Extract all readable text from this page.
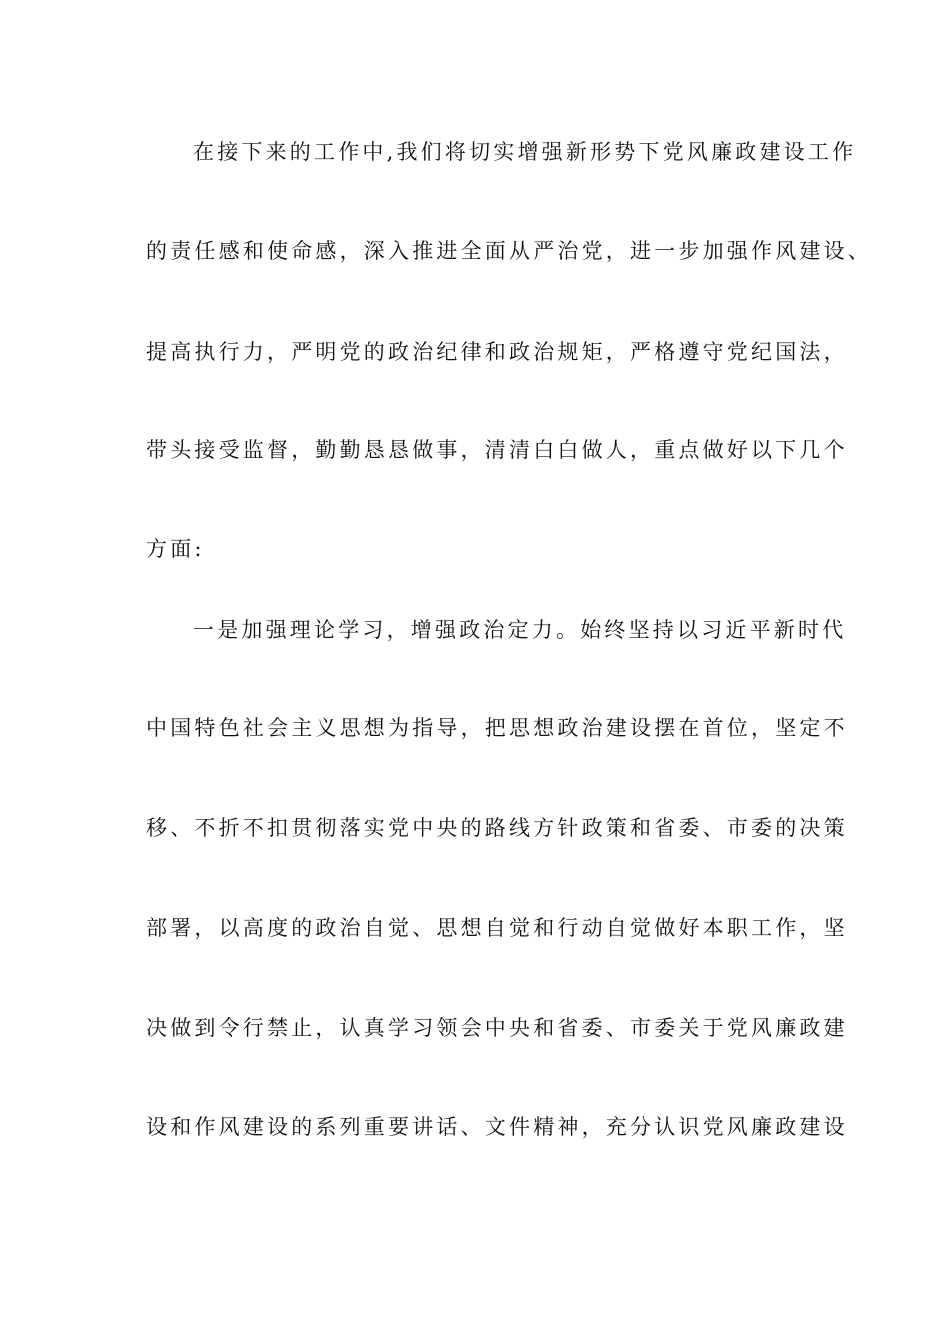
在接下来的工作中,我们将切实增强新形势下党风廉政建设工作
的责任感和使命感，深入推进全面从严治党，进一步加强作风建设、
提高执行力，严明党的政治纪律和政治规矩，严格遵守党纪国法，
带头接受监督，勤勤恳恳做事，清清白白做人，重点做好以下几个
方面:
一是加强理论学习，增强政治定力。始终坚持以习近平新时代
中国特色社会主义思想为指导，把思想政治建设摆在首位，坚定不
移、不折不扣贯彻落实党中央的路线方针政策和省委、市委的决策
部署，以高度的政治自觉、思想自觉和行动自觉做好本职工作，坚
决做到令行禁止，认真学习领会中央和省委、市委关于党风廉政建
设和作风建设的系列重要讲话、文件精神，充分认识党风廉政建设
